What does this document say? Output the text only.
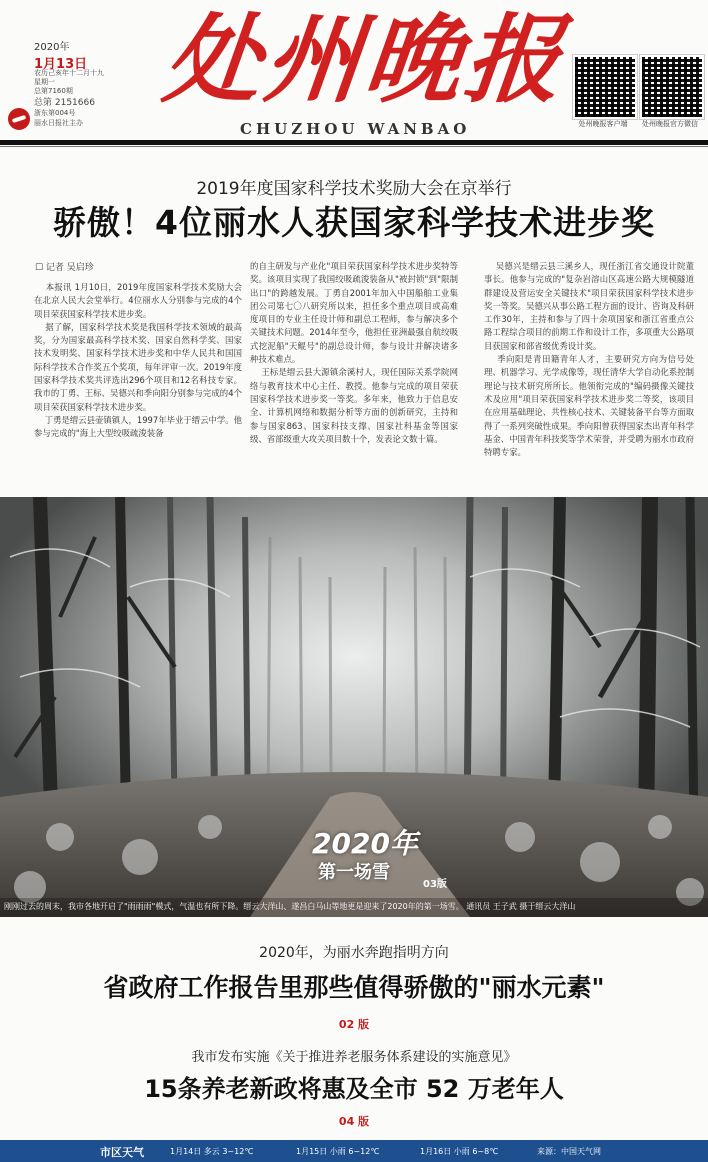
2020年
1月13日
农历己亥年十二月十九
星期一
总第7160期
总第 2151666
浙东第004号
丽水日报社主办
处州晚报
CHUZHOU WANBAO	处州晚报客户端	处州晚报官方微信
2019年度国家科学技术奖励大会在京举行
骄傲！4位丽水人获国家科学技术进步奖
☐ 记者 吴启珍
本报讯 1月10日，2019年度国家科学技术奖励大会在北京人民大会堂举行。4位丽水人分别参与完成的4个项目荣获国家科学技术进步奖。
据了解，国家科学技术奖是我国科学技术领域的最高奖，分为国家最高科学技术奖、国家自然科学奖、国家技术发明奖、国家科学技术进步奖和中华人民共和国国际科学技术合作奖五个奖项，每年评审一次。2019年度国家科学技术奖共评选出296个项目和12名科技专家。我市的丁勇、王标、吴德兴和季向阳分别参与完成的4个项目荣获国家科学技术进步奖。
丁勇是缙云县壶镇镇人，1997年毕业于缙云中学。他参与完成的"海上大型绞吸疏浚装备
的自主研发与产业化"项目荣获国家科学技术进步奖特等奖。该项目实现了我国绞吸疏浚装备从"被封锁"到"限制出口"的跨越发展。丁勇自2001年加入中国船舶工业集团公司第七〇八研究所以来，担任多个重点项目或高难度项目的专业主任设计师和副总工程师，参与解决多个关键技术问题。2014年至今，他担任亚洲最强自航绞吸式挖泥船"天鲲号"的副总设计师，参与设计并解决诸多种技术难点。
王标是缙云县大源镇余溪村人，现任国际关系学院网络与教育技术中心主任、教授。他参与完成的项目荣获国家科学技术进步奖一等奖。多年来，他致力于信息安全、计算机网络和数据分析等方面的创新研究，主持和参与国家863、国家科技支撑、国家社科基金等国家级、省部级重大攻关项目数十个，发表论文数十篇。
吴德兴是缙云县三溪乡人，现任浙江省交通设计院董事长。他参与完成的"复杂岩溶山区高速公路大规模隧道群建设及营运安全关键技术"项目荣获国家科学技术进步奖一等奖。吴德兴从事公路工程方面的设计、咨询及科研工作30年，主持和参与了四十余项国家和浙江省重点公路工程综合项目的前期工作和设计工作，多项重大公路项目获国家和部省级优秀设计奖。
季向阳是青田籍青年人才，主要研究方向为信号处理、机器学习、光学成像等，现任清华大学自动化系控制理论与技术研究所所长。他领衔完成的"编码摄像关键技术及应用"项目荣获国家科学技术进步奖二等奖，该项目在应用基础理论、共性核心技术、关键装备平台等方面取得了一系列突破性成果。季向阳曾获得国家杰出青年科学基金、中国青年科技奖等学术荣誉，并受聘为丽水市政府特聘专家。
2020年
第一场雪
03版
刚刚过去的周末，我市各地开启了"雨雨雨"模式，气温也有所下降。缙云大洋山、遂昌白马山等地更是迎来了2020年的第一场雪。 通讯员 王子武 摄于缙云大洋山
2020年，为丽水奔跑指明方向
省政府工作报告里那些值得骄傲的"丽水元素"
02 版
我市发布实施《关于推进养老服务体系建设的实施意见》
15条养老新政将惠及全市 52 万老年人
04 版
市区天气	1月14日 多云 3~12℃	1月15日 小雨 6~12℃	1月16日 小雨 6~8℃	来源：中国天气网
